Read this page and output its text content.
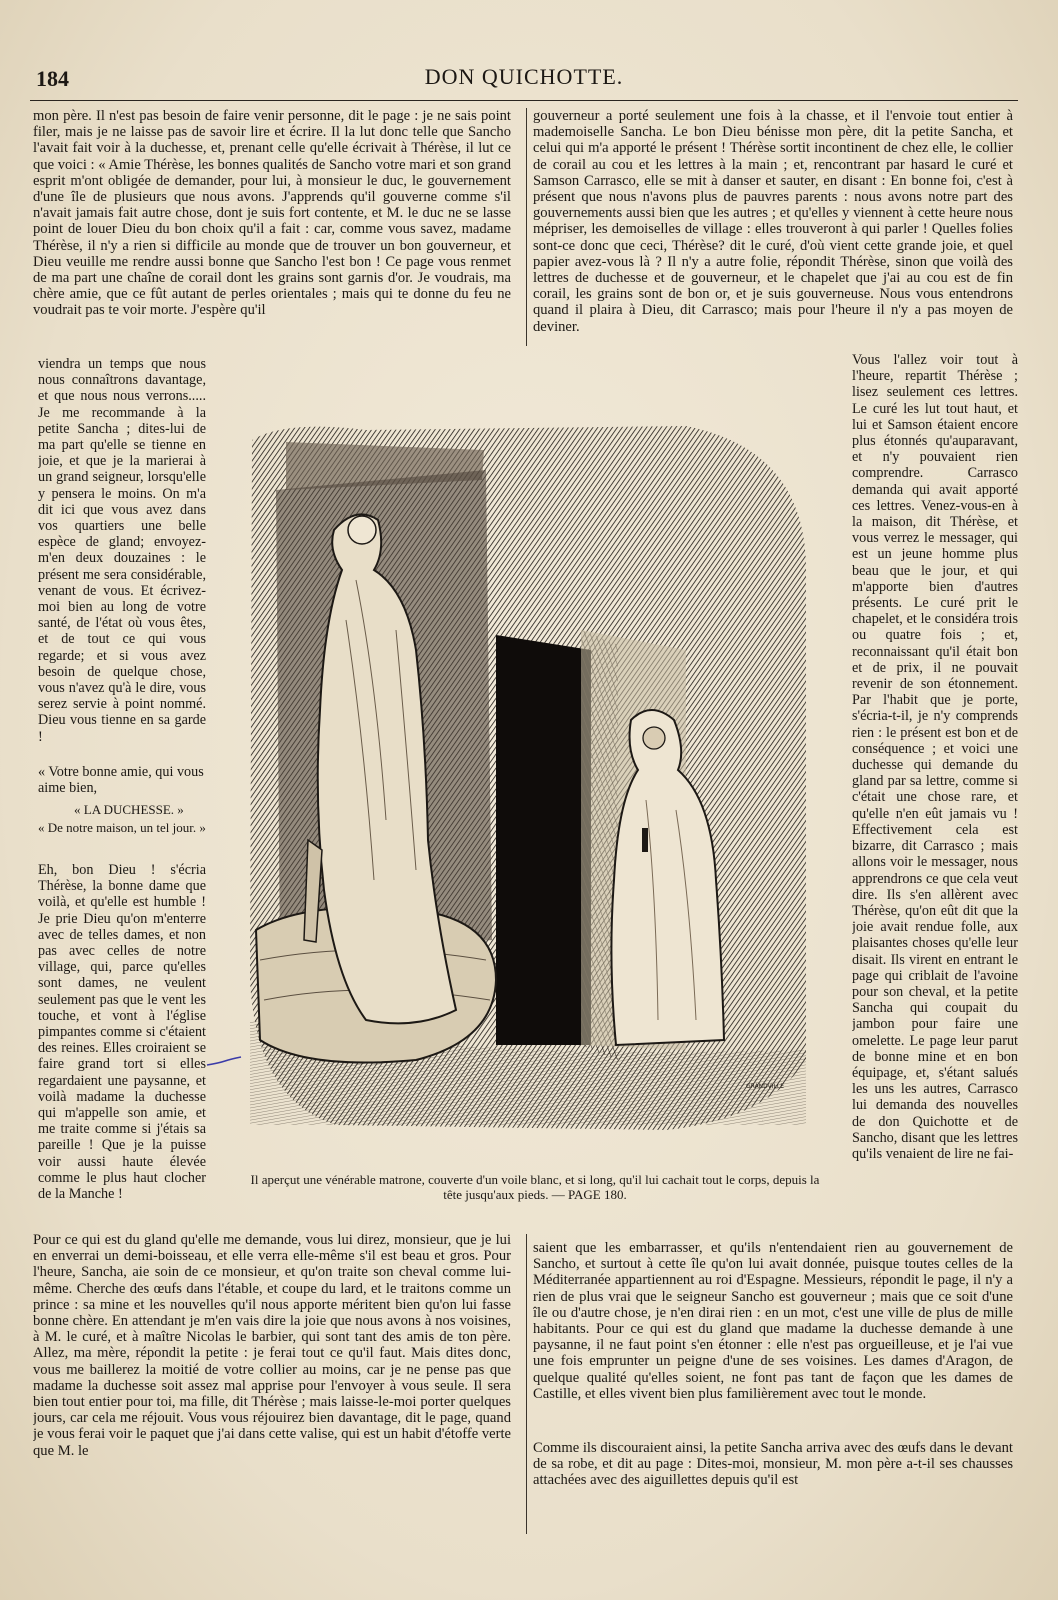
184	DON QUICHOTTE.

mon père. Il n'est pas besoin de faire venir personne, dit le page : je ne sais point filer, mais je ne laisse pas de savoir lire et écrire. Il la lut donc telle que Sancho l'avait fait voir à la duchesse, et, prenant celle qu'elle écrivait à Thérèse, il lut ce que voici : « Amie Thérèse, les bonnes qualités de Sancho votre mari et son grand esprit m'ont obligée de demander, pour lui, à monsieur le duc, le gouvernement d'une île de plusieurs que nous avons. J'apprends qu'il gouverne comme s'il n'avait jamais fait autre chose, dont je suis fort contente, et M. le duc ne se lasse point de louer Dieu du bon choix qu'il a fait : car, comme vous savez, madame Thérèse, il n'y a rien si difficile au monde que de trouver un bon gouverneur, et Dieu veuille me rendre aussi bonne que Sancho l'est bon ! Ce page vous renmet de ma part une chaîne de corail dont les grains sont garnis d'or. Je voudrais, ma chère amie, que ce fût autant de perles orientales ; mais qui te donne du feu ne voudrait pas te voir morte. J'espère qu'il

viendra un temps que nous nous connaîtrons davantage, et que nous nous verrons..... Je me recommande à la petite Sancha ; dites-lui de ma part qu'elle se tienne en joie, et que je la marierai à un grand seigneur, lorsqu'elle y pensera le moins. On m'a dit ici que vous avez dans vos quartiers une belle espèce de gland; envoyez-m'en deux douzaines : le présent me sera considérable, venant de vous. Et écrivez-moi bien au long de votre santé, de l'état où vous êtes, et de tout ce qui vous regarde; et si vous avez besoin de quelque chose, vous n'avez qu'à le dire, vous serez servie à point nommé. Dieu vous tienne en sa garde !

« Votre bonne amie, qui vous aime bien,

« LA DUCHESSE. »

« De notre maison, un tel jour. »

Eh, bon Dieu ! s'écria Thérèse, la bonne dame que voilà, et qu'elle est humble ! Je prie Dieu qu'on m'enterre avec de telles dames, et non pas avec celles de notre village, qui, parce qu'elles sont dames, ne veulent seulement pas que le vent les touche, et vont à l'église pimpantes comme si c'étaient des reines. Elles croiraient se faire grand tort si elles regardaient une paysanne, et voilà madame la duchesse qui m'appelle son amie, et me traite comme si j'étais sa pareille ! Que je la puisse voir aussi haute élevée comme le plus haut clocher de la Manche !

Pour ce qui est du gland qu'elle me demande, vous lui direz, monsieur, que je lui en enverrai un demi-boisseau, et elle verra elle-même s'il est beau et gros. Pour l'heure, Sancha, aie soin de ce monsieur, et qu'on traite son cheval comme lui-même. Cherche des œufs dans l'étable, et coupe du lard, et le traitons comme un prince : sa mine et les nouvelles qu'il nous apporte méritent bien qu'on lui fasse bonne chère. En attendant je m'en vais dire la joie que nous avons à nos voisines, à M. le curé, et à maître Nicolas le barbier, qui sont tant des amis de ton père. Allez, ma mère, répondit la petite : je ferai tout ce qu'il faut. Mais dites donc, vous me baillerez la moitié de votre collier au moins, car je ne pense pas que madame la duchesse soit assez mal apprise pour l'envoyer à vous seule. Il sera bien tout entier pour toi, ma fille, dit Thérèse ; mais laisse-le-moi porter quelques jours, car cela me réjouit. Vous vous réjouirez bien davantage, dit le page, quand je vous ferai voir le paquet que j'ai dans cette valise, qui est un habit d'étoffe verte que M. le

gouverneur a porté seulement une fois à la chasse, et il l'envoie tout entier à mademoiselle Sancha. Le bon Dieu bénisse mon père, dit la petite Sancha, et celui qui m'a apporté le présent ! Thérèse sortit incontinent de chez elle, le collier de corail au cou et les lettres à la main ; et, rencontrant par hasard le curé et Samson Carrasco, elle se mit à danser et sauter, en disant : En bonne foi, c'est à présent que nous n'avons plus de pauvres parents : nous avons notre part des gouvernements aussi bien que les autres ; et qu'elles y viennent à cette heure nous mépriser, les demoiselles de village : elles trouveront à qui parler ! Quelles folies sont-ce donc que ceci, Thérèse? dit le curé, d'où vient cette grande joie, et quel papier avez-vous là ? Il n'y a autre folie, répondit Thérèse, sinon que voilà des lettres de duchesse et de gouverneur, et le chapelet que j'ai au cou est de fin corail, les grains sont de bon or, et je suis gouverneuse. Nous vous entendrons quand il plaira à Dieu, dit Carrasco; mais pour l'heure il n'y a pas moyen de deviner.

Vous l'allez voir tout à l'heure, repartit Thérèse ; lisez seulement ces lettres. Le curé les lut tout haut, et lui et Samson étaient encore plus étonnés qu'auparavant, et n'y pouvaient rien comprendre. Carrasco demanda qui avait apporté ces lettres. Venez-vous-en à la maison, dit Thérèse, et vous verrez le messager, qui est un jeune homme plus beau que le jour, et qui m'apporte bien d'autres présents. Le curé prit le chapelet, et le considéra trois ou quatre fois ; et, reconnaissant qu'il était bon et de prix, il ne pouvait revenir de son étonnement. Par l'habit que je porte, s'écria-t-il, je n'y comprends rien : le présent est bon et de conséquence ; et voici une duchesse qui demande du gland par sa lettre, comme si c'était une chose rare, et qu'elle n'en eût jamais vu ! Effectivement cela est bizarre, dit Carrasco ; mais allons voir le messager, nous apprendrons ce que cela veut dire. Ils s'en allèrent avec Thérèse, qu'on eût dit que la joie avait rendue folle, aux plaisantes choses qu'elle leur disait. Ils virent en entrant le page qui criblait de l'avoine pour son cheval, et la petite Sancha qui coupait du jambon pour faire une omelette. Le page leur parut de bonne mine et en bon équipage, et, s'étant salués les uns les autres, Carrasco lui demanda des nouvelles de don Quichotte et de Sancho, disant que les lettres qu'ils venaient de lire ne fai-

saient que les embarrasser, et qu'ils n'entendaient rien au gouvernement de Sancho, et surtout à cette île qu'on lui avait donnée, puisque toutes celles de la Méditerranée appartiennent au roi d'Espagne. Messieurs, répondit le page, il n'y a rien de plus vrai que le seigneur Sancho est gouverneur ; mais que ce soit d'une île ou d'autre chose, je n'en dirai rien : en un mot, c'est une ville de plus de mille habitants. Pour ce qui est du gland que madame la duchesse demande à une paysanne, il ne faut point s'en étonner : elle n'est pas orgueilleuse, et je l'ai vue une fois emprunter un peigne d'une de ses voisines. Les dames d'Aragon, de quelque qualité qu'elles soient, ne font pas tant de façon que les dames de Castille, et elles vivent bien plus familièrement avec tout le monde.

Comme ils discouraient ainsi, la petite Sancha arriva avec des œufs dans le devant de sa robe, et dit au page : Dites-moi, monsieur, M. mon père a-t-il ses chausses attachées avec des aiguillettes depuis qu'il est

GRANDVILLE

Il aperçut une vénérable matrone, couverte d'un voile blanc, et si long, qu'il lui cachait tout le corps, depuis la tête jusqu'aux pieds. — PAGE 180.
